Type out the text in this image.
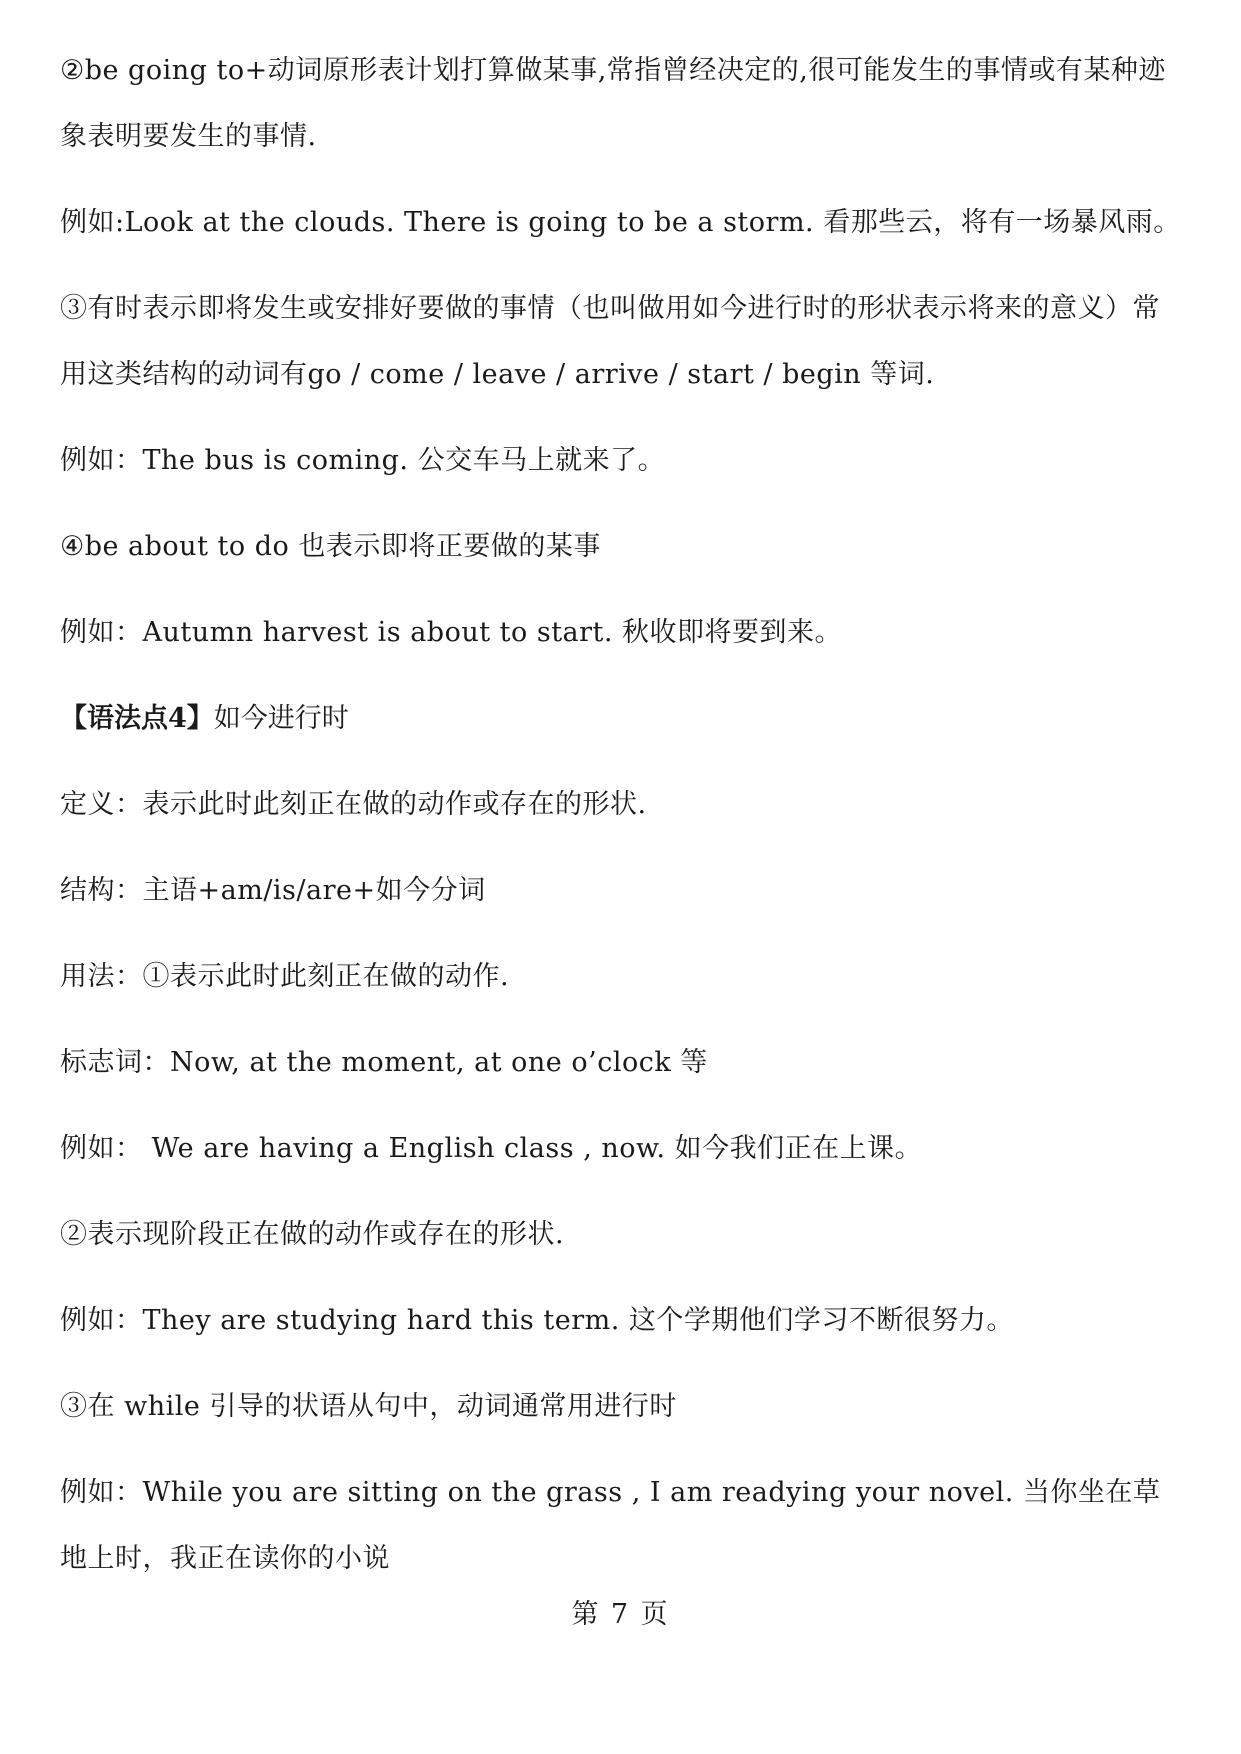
②be going to+动词原形表计划打算做某事,常指曾经决定的,很可能发生的事情或有某种迹象表明要发生的事情.

例如:Look at the clouds. There is going to be a storm. 看那些云，将有一场暴风雨。

③有时表示即将发生或安排好要做的事情（也叫做用如今进行时的形状表示将来的意义）常用这类结构的动词有go / come / leave / arrive / start / begin 等词.

例如：The bus is coming. 公交车马上就来了。

④be about to do 也表示即将正要做的某事

例如：Autumn harvest is about to start. 秋收即将要到来。

【语法点4】如今进行时

定义：表示此时此刻正在做的动作或存在的形状.

结构：主语+am/is/are+如今分词

用法：①表示此时此刻正在做的动作.

标志词：Now, at the moment, at one o’clock 等

例如： We are having a English class , now. 如今我们正在上课。

②表示现阶段正在做的动作或存在的形状.

例如：They are studying hard this term. 这个学期他们学习不断很努力。

③在 while 引导的状语从句中，动词通常用进行时

例如：While you are sitting on the grass , I am readying your novel. 当你坐在草地上时，我正在读你的小说

第 7 页
